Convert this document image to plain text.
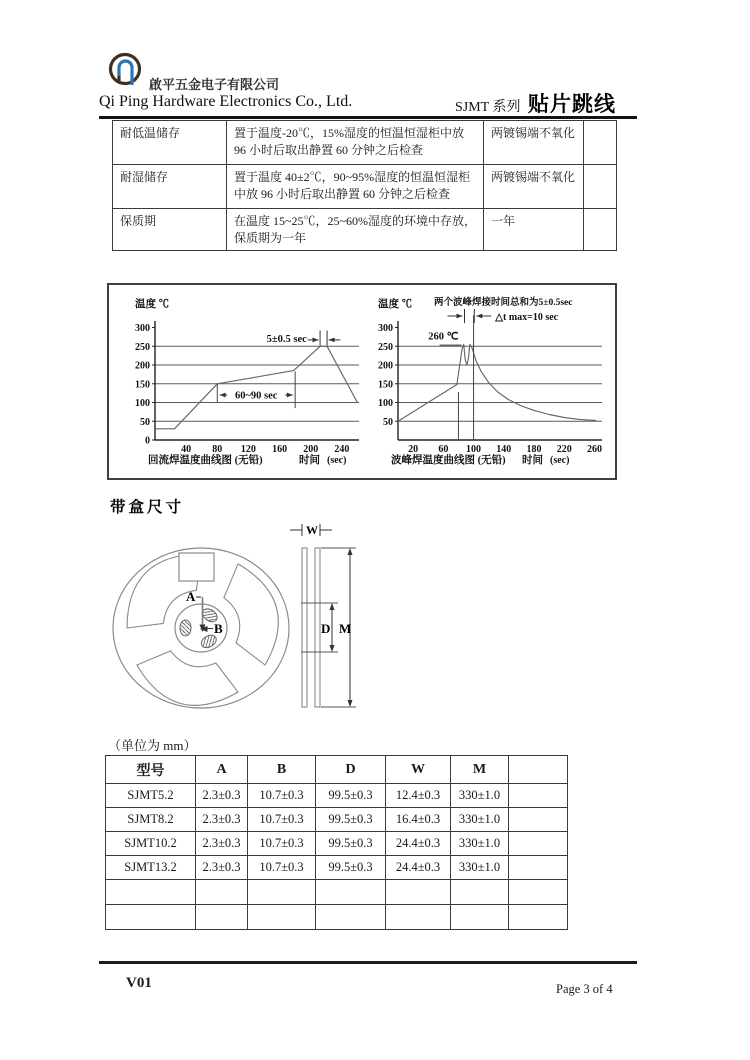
啟平五金电子有限公司
Qi Ping Hardware Electronics Co., Ltd.	SJMT 系列 贴片跳线
耐低温储存	置于温度-20℃，15%湿度的恒温恒湿柜中放 96 小时后取出静置 60 分钟之后检查	两镀锡端不氧化	
耐湿储存	置于温度 40±2℃，90~95%湿度的恒温恒湿柜中放 96 小时后取出静置 60 分钟之后检查	两镀锡端不氧化	
保质期	在温度 15~25℃，25~60%湿度的环境中存放，保质期为一年	一年	
0
50
100
150
200
250
300
40 80 120 160 200 240
温度 ℃
回流焊温度曲线图 (无铅)	时间 (sec)
60~90 sec
5±0.5 sec
50
100
150
200
250
300
20 60 100 140 180 220 260
温度 ℃
波峰焊温度曲线图 (无铅) 时间 (sec)
△t max=10 sec
两个波峰焊接时间总和为5±0.5sec
260 ℃
带盒尺寸
A
B
W
M
D
（单位为 mm）
型号	A	B	D	W	M	
SJMT5.2	2.3±0.3	10.7±0.3	99.5±0.3	12.4±0.3	330±1.0	
SJMT8.2	2.3±0.3	10.7±0.3	99.5±0.3	16.4±0.3	330±1.0	
SJMT10.2	2.3±0.3	10.7±0.3	99.5±0.3	24.4±0.3	330±1.0	
SJMT13.2	2.3±0.3	10.7±0.3	99.5±0.3	24.4±0.3	330±1.0	

V01	Page 3 of 4
